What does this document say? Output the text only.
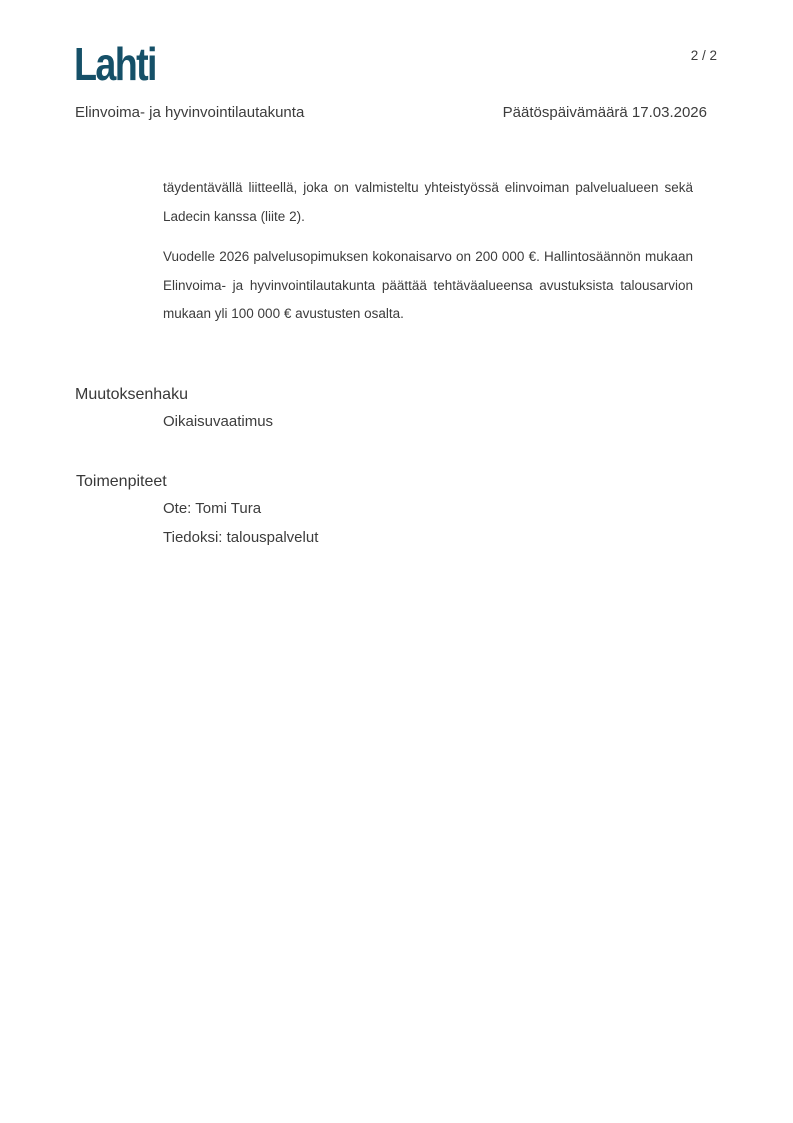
Lahti	2 / 2
Elinvoima- ja hyvinvointilautakunta	Päätöspäivämäärä 17.03.2026

täydentävällä liitteellä, joka on valmisteltu yhteistyössä elinvoiman palvelualueen sekä Ladecin kanssa (liite 2).

Vuodelle 2026 palvelusopimuksen kokonaisarvo on 200 000 €. Hallintosäännön mukaan Elinvoima- ja hyvinvointilautakunta päättää tehtäväalueensa avustuksista talousarvion mukaan yli 100 000 € avustusten osalta.

Muutoksenhaku
Oikaisuvaatimus
Toimenpiteet
Ote: Tomi Tura
Tiedoksi: talouspalvelut
